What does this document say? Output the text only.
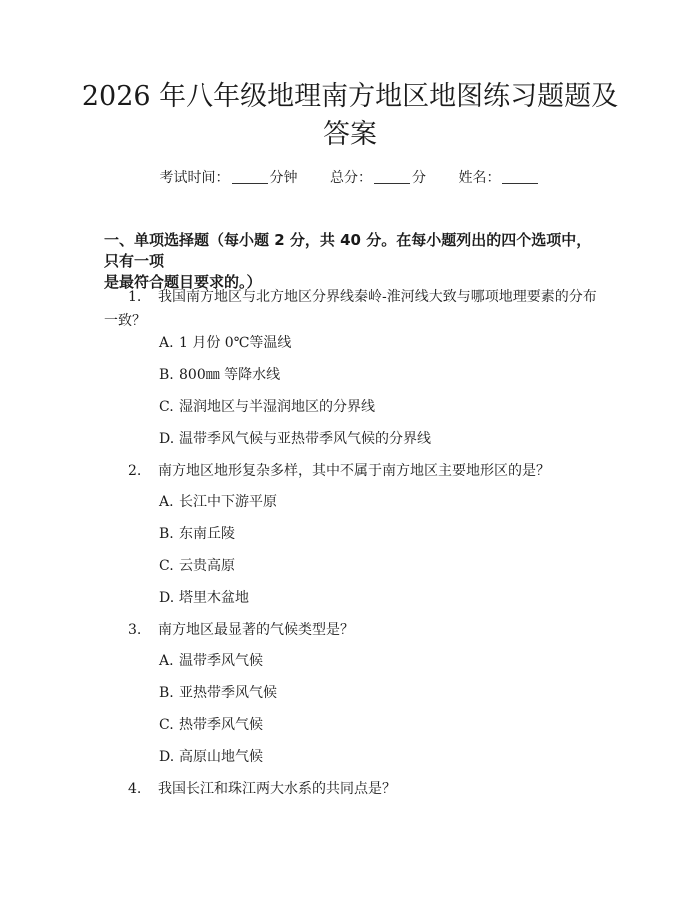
2026 年八年级地理南方地区地图练习题题及
答案
考试时间：	分钟 总分：	分 姓名：
一、单项选择题（每小题 2 分，共 40 分。在每小题列出的四个选项中，只有一项
是最符合题目要求的。）
1. 我国南方地区与北方地区分界线秦岭-淮河线大致与哪项地理要素的分布
一致？
A. 1 月份 0℃等温线
B. 800㎜ 等降水线
C. 湿润地区与半湿润地区的分界线
D. 温带季风气候与亚热带季风气候的分界线
2. 南方地区地形复杂多样，其中不属于南方地区主要地形区的是？
A. 长江中下游平原
B. 东南丘陵
C. 云贵高原
D. 塔里木盆地
3. 南方地区最显著的气候类型是？
A. 温带季风气候
B. 亚热带季风气候
C. 热带季风气候
D. 高原山地气候
4. 我国长江和珠江两大水系的共同点是？
